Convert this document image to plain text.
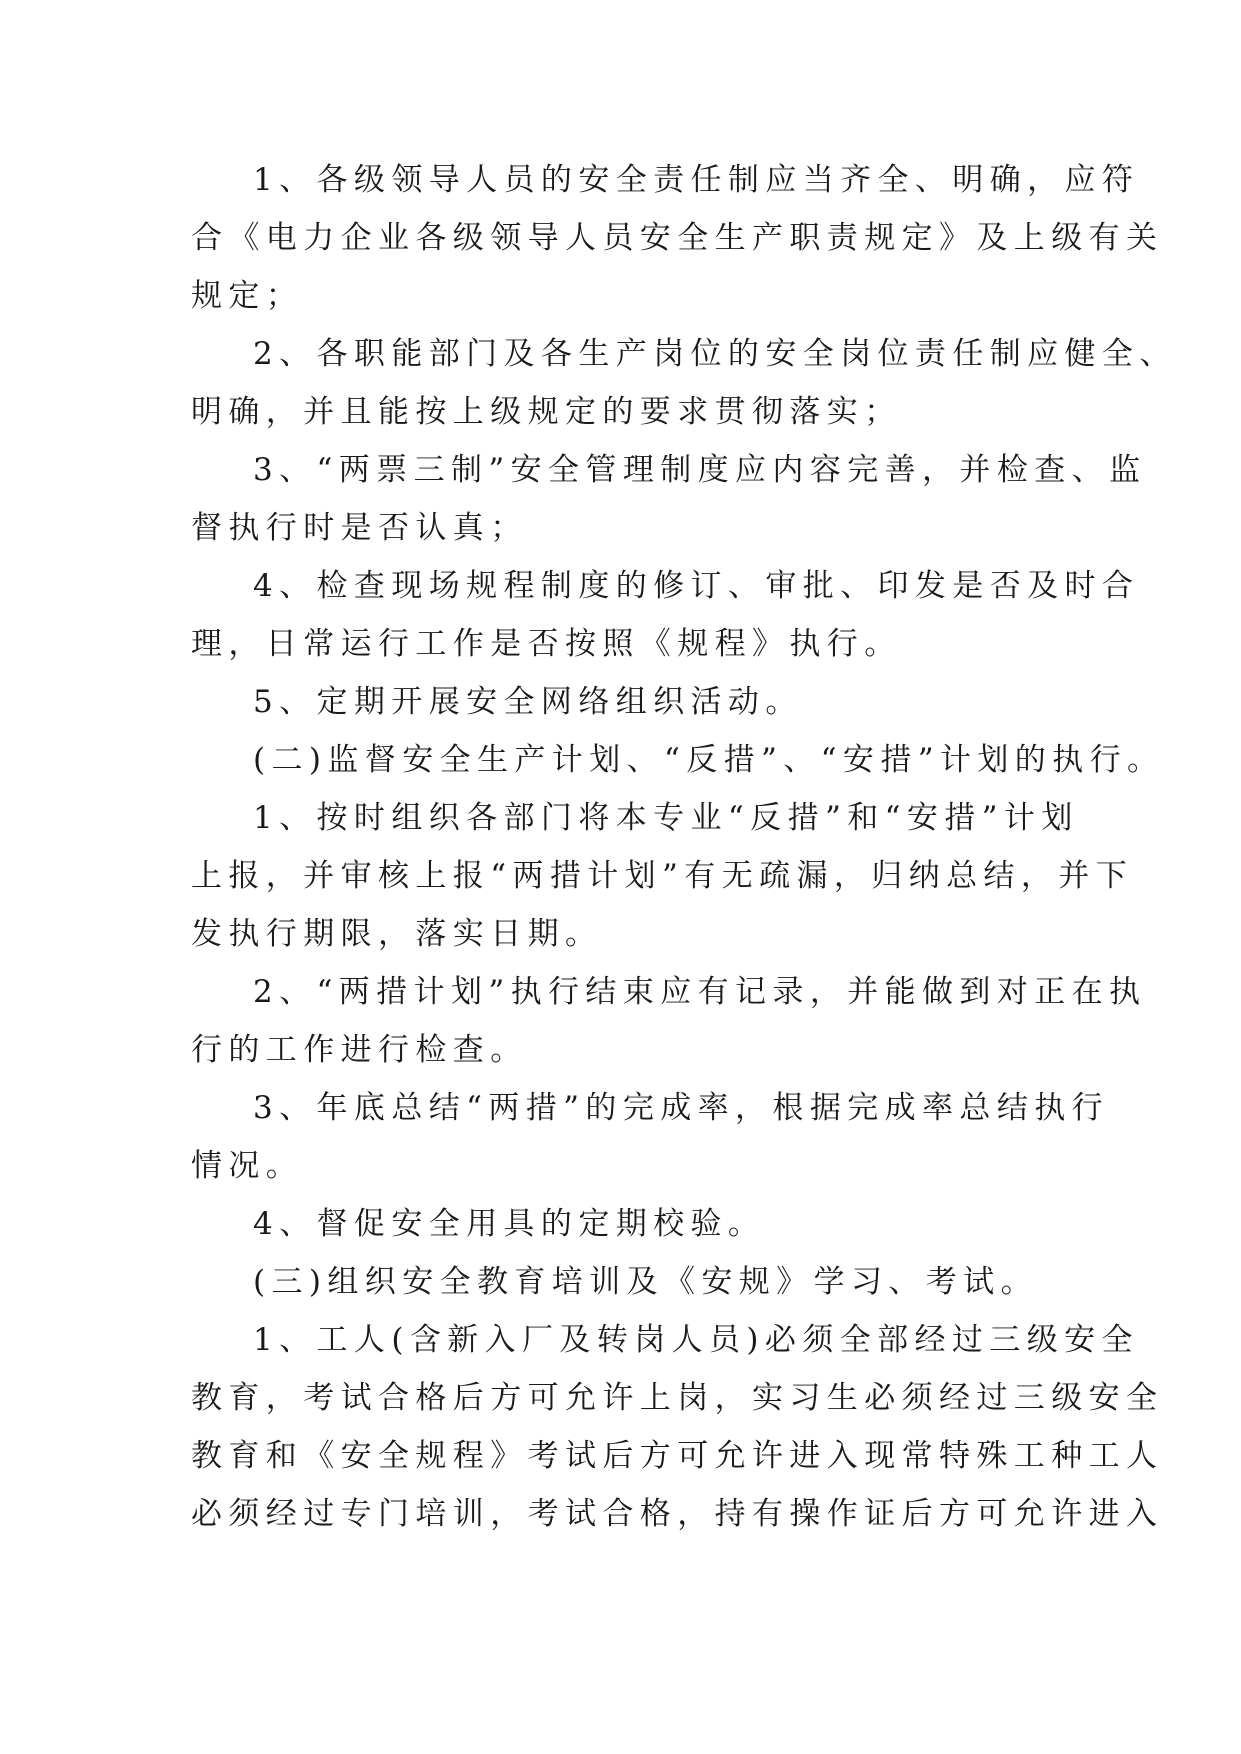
1、各级领导人员的安全责任制应当齐全、明确，应符
合《电力企业各级领导人员安全生产职责规定》及上级有关
规定；
2、各职能部门及各生产岗位的安全岗位责任制应健全、
明确，并且能按上级规定的要求贯彻落实；
3、“两票三制”安全管理制度应内容完善，并检查、监
督执行时是否认真；
4、检查现场规程制度的修订、审批、印发是否及时合
理，日常运行工作是否按照《规程》执行。
5、定期开展安全网络组织活动。
(二)监督安全生产计划、“反措”、“安措”计划的执行。
1、按时组织各部门将本专业“反措”和“安措”计划
上报，并审核上报“两措计划”有无疏漏，归纳总结，并下
发执行期限，落实日期。
2、“两措计划”执行结束应有记录，并能做到对正在执
行的工作进行检查。
3、年底总结“两措”的完成率，根据完成率总结执行
情况。
4、督促安全用具的定期校验。
(三)组织安全教育培训及《安规》学习、考试。
1、工人(含新入厂及转岗人员)必须全部经过三级安全
教育，考试合格后方可允许上岗，实习生必须经过三级安全
教育和《安全规程》考试后方可允许进入现常特殊工种工人
必须经过专门培训，考试合格，持有操作证后方可允许进入
